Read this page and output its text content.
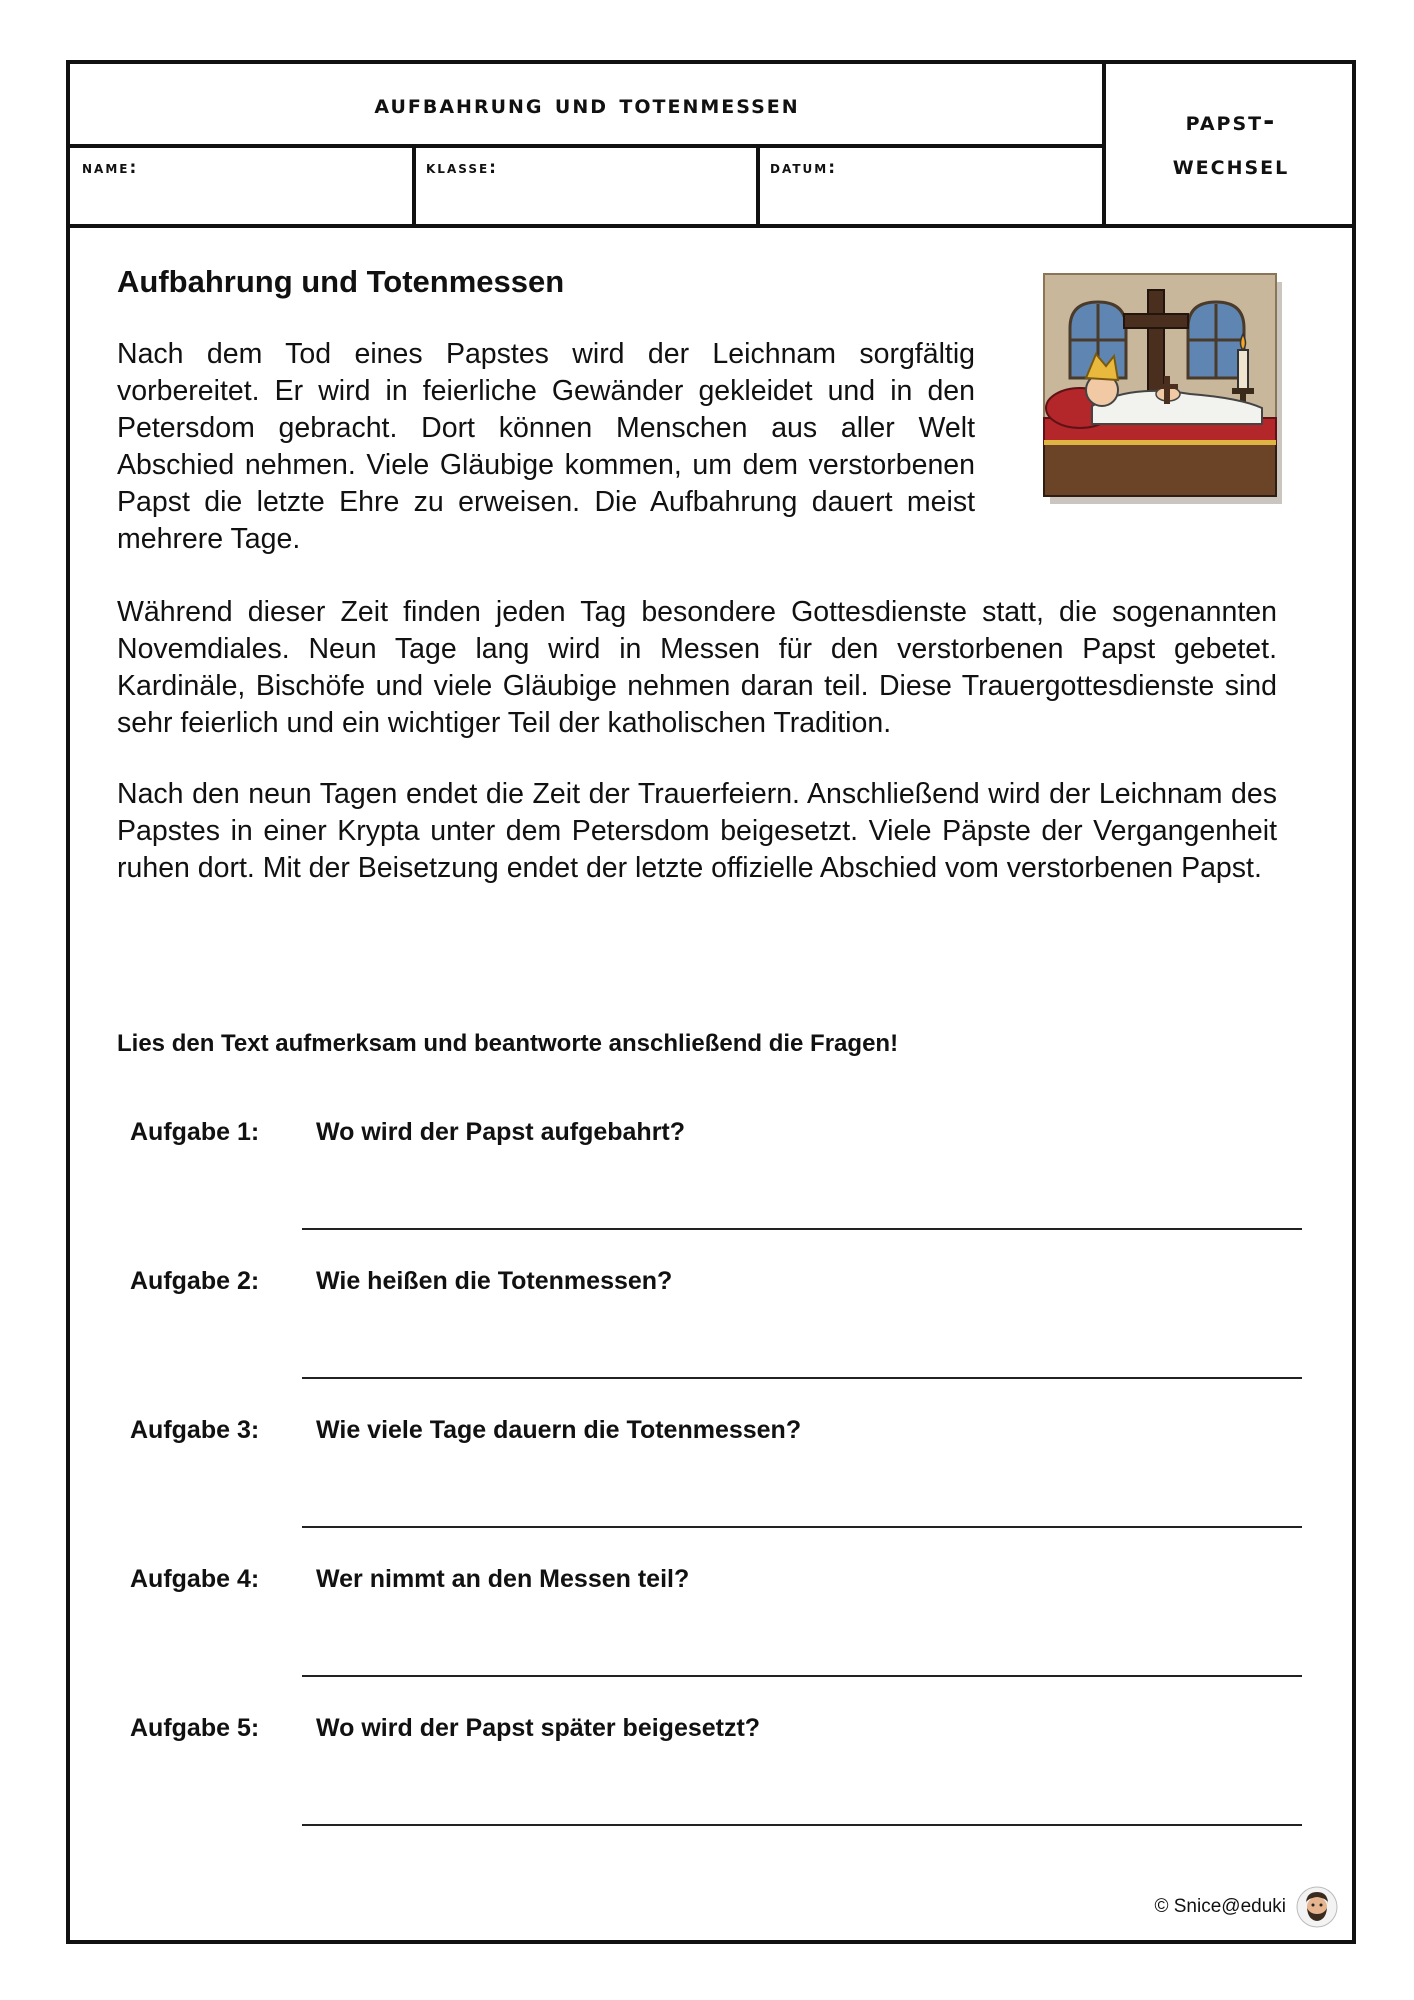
aufbahrung und totenmessen
name:	klasse:	datum:
papst-
wechsel
Aufbahrung und Totenmessen

Nach dem Tod eines Papstes wird der Leichnam sorgfältig vorbereitet. Er wird in feierliche Gewänder gekleidet und in den Petersdom gebracht. Dort können Menschen aus aller Welt Abschied nehmen. Viele Gläubige kommen, um dem verstorbenen Papst die letzte Ehre zu erweisen. Die Aufbahrung dauert meist mehrere Tage.

Während dieser Zeit finden jeden Tag besondere Gottesdienste statt, die sogenannten Novemdiales. Neun Tage lang wird in Messen für den verstorbenen Papst gebetet. Kardinäle, Bischöfe und viele Gläubige nehmen daran teil. Diese Trauergottesdienste sind sehr feierlich und ein wichtiger Teil der katholischen Tradition.

Nach den neun Tagen endet die Zeit der Trauerfeiern. Anschließend wird der Leichnam des Papstes in einer Krypta unter dem Petersdom beigesetzt. Viele Päpste der Vergangenheit ruhen dort. Mit der Beisetzung endet der letzte offizielle Abschied vom verstorbenen Papst.

Lies den Text aufmerksam und beantworte anschließend die Fragen!

Aufgabe 1: Wo wird der Papst aufgebahrt?
Aufgabe 2: Wie heißen die Totenmessen?
Aufgabe 3: Wie viele Tage dauern die Totenmessen?
Aufgabe 4: Wer nimmt an den Messen teil?
Aufgabe 5: Wo wird der Papst später beigesetzt?
© Snice@eduki
